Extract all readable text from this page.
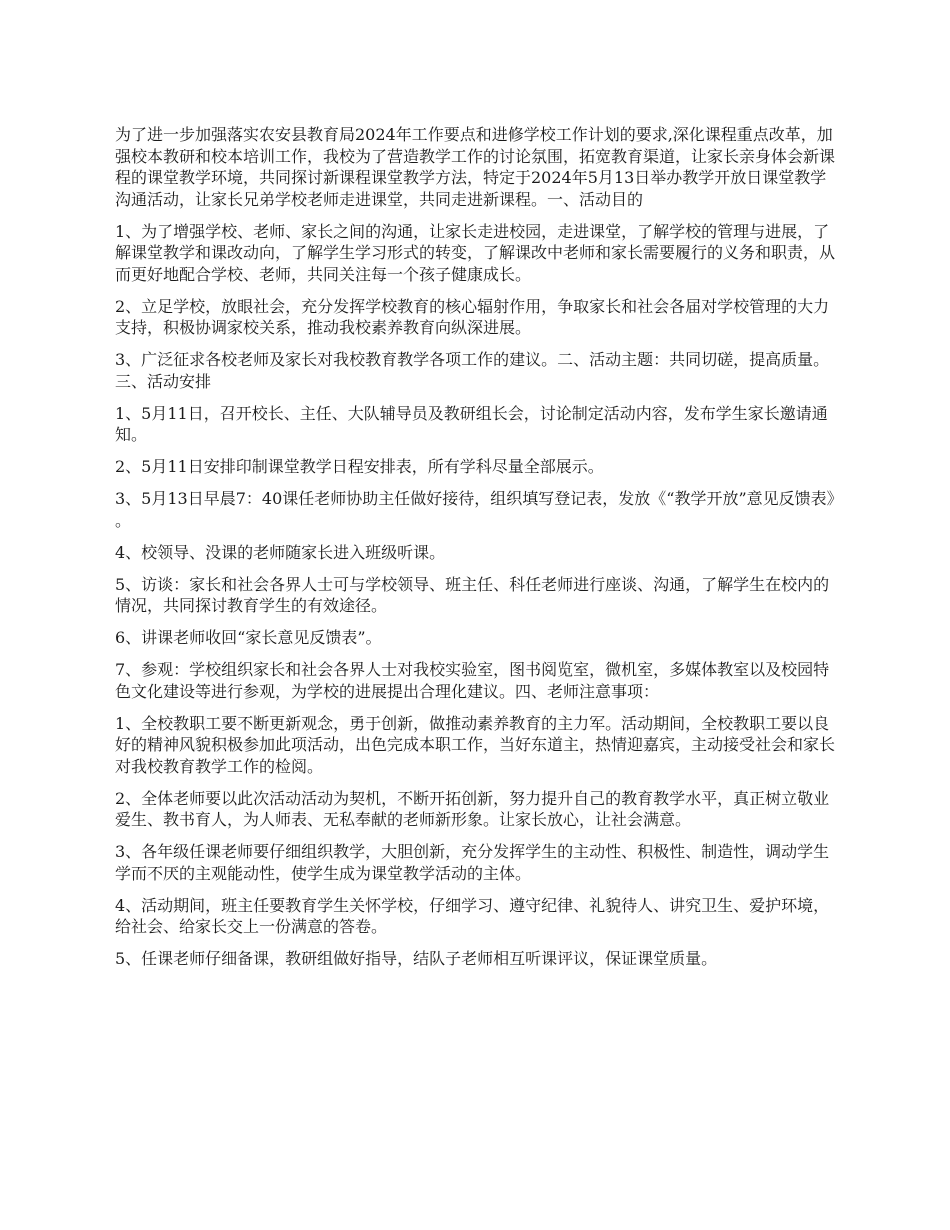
为了进一步加强落实农安县教育局2024年工作要点和进修学校工作计划的要求,深化课程重点改革，加强校本教研和校本培训工作，我校为了营造教学工作的讨论氛围，拓宽教育渠道，让家长亲身体会新课程的课堂教学环境，共同探讨新课程课堂教学方法，特定于2024年5月13日举办教学开放日课堂教学沟通活动，让家长兄弟学校老师走进课堂，共同走进新课程。一、活动目的

1、为了增强学校、老师、家长之间的沟通，让家长走进校园，走进课堂，了解学校的管理与进展，了解课堂教学和课改动向，了解学生学习形式的转变，了解课改中老师和家长需要履行的义务和职责，从而更好地配合学校、老师，共同关注每一个孩子健康成长。

2、立足学校，放眼社会，充分发挥学校教育的核心辐射作用，争取家长和社会各届对学校管理的大力支持，积极协调家校关系，推动我校素养教育向纵深进展。

3、广泛征求各校老师及家长对我校教育教学各项工作的建议。二、活动主题：共同切磋，提高质量。三、活动安排

1、5月11日，召开校长、主任、大队辅导员及教研组长会，讨论制定活动内容，发布学生家长邀请通知。

2、5月11日安排印制课堂教学日程安排表，所有学科尽量全部展示。

3、5月13日早晨7：40课任老师协助主任做好接待，组织填写登记表，发放《“教学开放”意见反馈表》。

4、校领导、没课的老师随家长进入班级听课。

5、访谈：家长和社会各界人士可与学校领导、班主任、科任老师进行座谈、沟通，了解学生在校内的情况，共同探讨教育学生的有效途径。

6、讲课老师收回“家长意见反馈表”。

7、参观：学校组织家长和社会各界人士对我校实验室，图书阅览室，微机室，多媒体教室以及校园特色文化建设等进行参观，为学校的进展提出合理化建议。四、老师注意事项：

1、全校教职工要不断更新观念，勇于创新，做推动素养教育的主力军。活动期间，全校教职工要以良好的精神风貌积极参加此项活动，出色完成本职工作，当好东道主，热情迎嘉宾，主动接受社会和家长对我校教育教学工作的检阅。

2、全体老师要以此次活动活动为契机，不断开拓创新，努力提升自己的教育教学水平，真正树立敬业爱生、教书育人，为人师表、无私奉献的老师新形象。让家长放心，让社会满意。

3、各年级任课老师要仔细组织教学，大胆创新，充分发挥学生的主动性、积极性、制造性，调动学生学而不厌的主观能动性，使学生成为课堂教学活动的主体。

4、活动期间，班主任要教育学生关怀学校，仔细学习、遵守纪律、礼貌待人、讲究卫生、爱护环境，给社会、给家长交上一份满意的答卷。

5、任课老师仔细备课，教研组做好指导，结队子老师相互听课评议，保证课堂质量。
